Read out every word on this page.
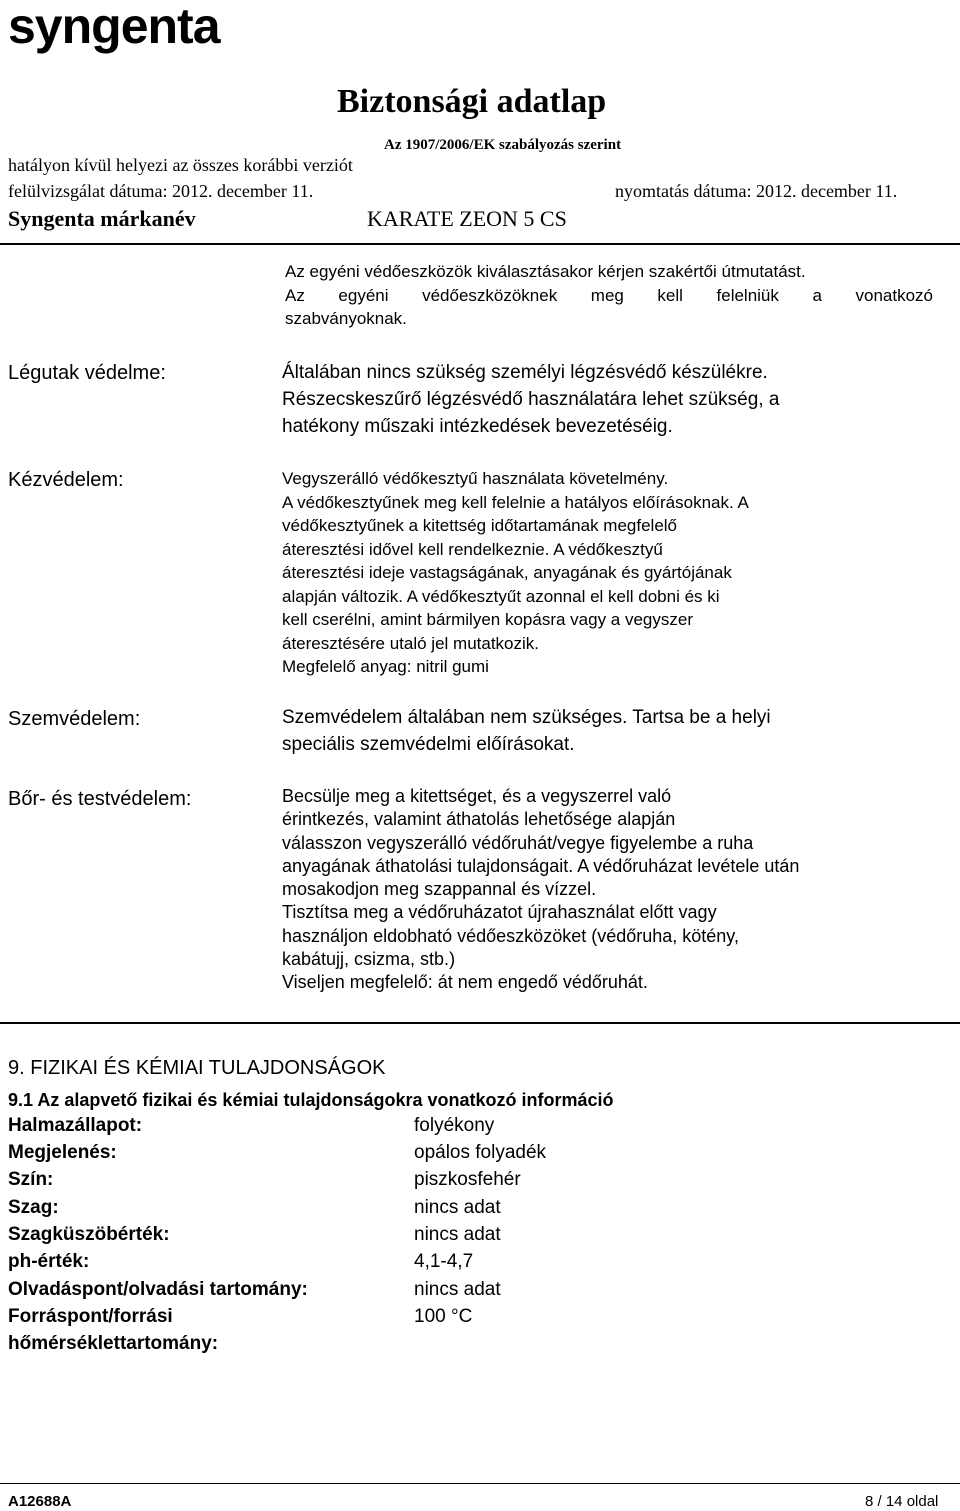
syngenta
Biztonsági adatlap
Az 1907/2006/EK szabályozás szerint
hatályon kívül helyezi az összes korábbi verziót
felülvizsgálat dátuma: 2012. december 11.	nyomtatás dátuma: 2012. december 11.
Syngenta márkanév	KARATE ZEON 5 CS
Az egyéni védőeszközök kiválasztásakor kérjen szakértői útmutatást.
Az egyéni védőeszközöknek meg kell felelniük a vonatkozó
szabványoknak.
Légutak védelme:	Általában nincs szükség személyi légzésvédő készülékre.
Részecskeszűrő légzésvédő használatára lehet szükség, a
hatékony műszaki intézkedések bevezetéséig.
Kézvédelem:	Vegyszerálló védőkesztyű használata követelmény.
A védőkesztyűnek meg kell felelnie a hatályos előírásoknak. A
védőkesztyűnek a kitettség időtartamának megfelelő
áteresztési idővel kell rendelkeznie. A védőkesztyű
áteresztési ideje vastagságának, anyagának és gyártójának
alapján változik. A védőkesztyűt azonnal el kell dobni és ki
kell cserélni, amint bármilyen kopásra vagy a vegyszer
áteresztésére utaló jel mutatkozik.
Megfelelő anyag: nitril gumi
Szemvédelem:	Szemvédelem általában nem szükséges. Tartsa be a helyi
speciális szemvédelmi előírásokat.
Bőr- és testvédelem:	Becsülje meg a kitettséget, és a vegyszerrel való
érintkezés, valamint áthatolás lehetősége alapján
válasszon vegyszerálló védőruhát/vegye figyelembe a ruha
anyagának áthatolási tulajdonságait. A védőruházat levétele után
mosakodjon meg szappannal és vízzel.
Tisztítsa meg a védőruházatot újrahasználat előtt vagy
használjon eldobható védőeszközöket (védőruha, kötény,
kabátujj, csizma, stb.)
Viseljen megfelelő: át nem engedő védőruhát.
9. FIZIKAI ÉS KÉMIAI TULAJDONSÁGOK
9.1 Az alapvető fizikai és kémiai tulajdonságokra vonatkozó információ
Halmazállapot:	folyékony
Megjelenés:	opálos folyadék
Szín:	piszkosfehér
Szag:	nincs adat
Szagküszöbérték:	nincs adat
ph-érték:	4,1-4,7
Olvadáspont/olvadási tartomány:	nincs adat
Forráspont/forrási	100 °C
hőmérséklettartomány:
A12688A	8 / 14 oldal
